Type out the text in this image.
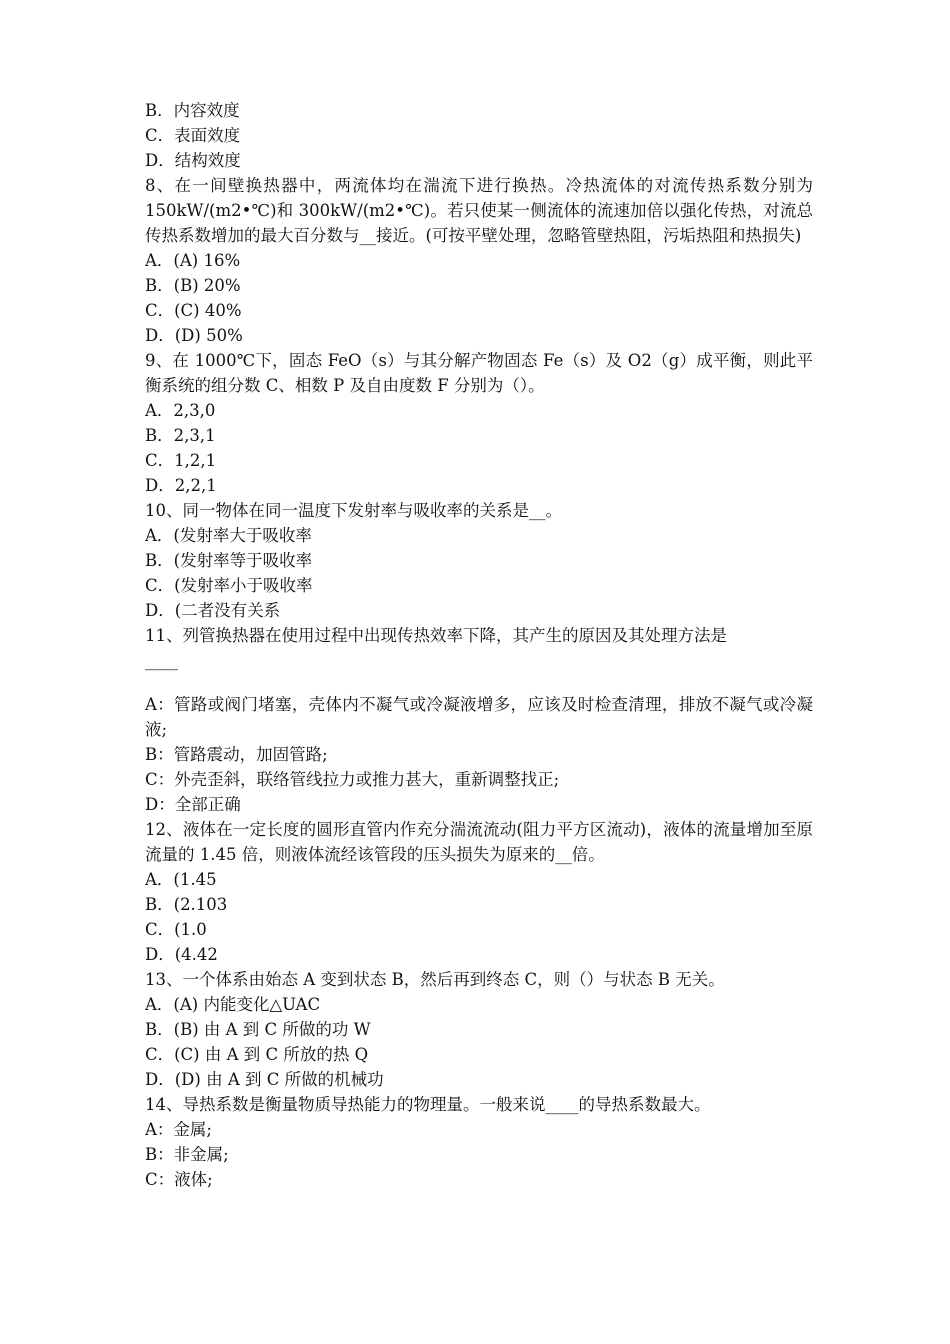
B．内容效度
C．表面效度
D．结构效度
8、在一间壁换热器中，两流体均在湍流下进行换热。冷热流体的对流传热系数分别为 150kW/(m2•℃)和 300kW/(m2•℃)。若只使某一侧流体的流速加倍以强化传热，对流总传热系数增加的最大百分数与__接近。(可按平壁处理，忽略管壁热阻，污垢热阻和热损失)
A．(A) 16%
B．(B) 20%
C．(C) 40%
D．(D) 50%
9、在 1000℃下，固态 FeO（s）与其分解产物固态 Fe（s）及 O2（g）成平衡，则此平衡系统的组分数 C、相数 P 及自由度数 F 分别为（）。
A．2,3,0
B．2,3,1
C．1,2,1
D．2,2,1
10、同一物体在同一温度下发射率与吸收率的关系是__。
A．(发射率大于吸收率
B．(发射率等于吸收率
C．(发射率小于吸收率
D．(二者没有关系
11、列管换热器在使用过程中出现传热效率下降，其产生的原因及其处理方法是
____
A：管路或阀门堵塞，壳体内不凝气或冷凝液增多，应该及时检查清理，排放不凝气或冷凝液;
B：管路震动，加固管路;
C：外壳歪斜，联络管线拉力或推力甚大，重新调整找正;
D：全部正确
12、液体在一定长度的圆形直管内作充分湍流流动(阻力平方区流动)，液体的流量增加至原流量的 1.45 倍，则液体流经该管段的压头损失为原来的__倍。
A．(1.45
B．(2.103
C．(1.0
D．(4.42
13、一个体系由始态 A 变到状态 B，然后再到终态 C，则（）与状态 B 无关。
A．(A) 内能变化△UAC
B．(B) 由 A 到 C 所做的功 W
C．(C) 由 A 到 C 所放的热 Q
D．(D) 由 A 到 C 所做的机械功
14、导热系数是衡量物质导热能力的物理量。一般来说____的导热系数最大。
A：金属;
B：非金属;
C：液体;
